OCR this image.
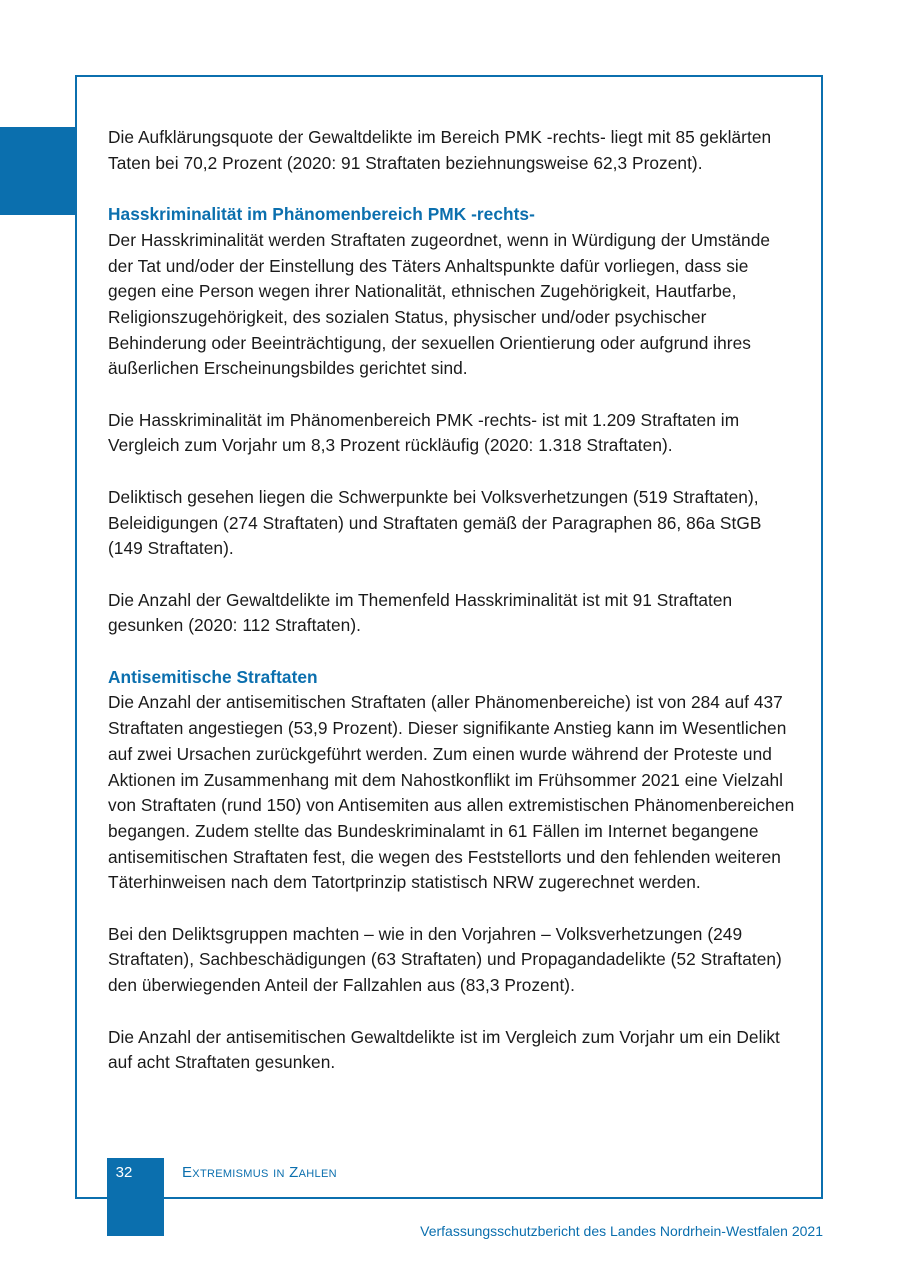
Die Aufklärungsquote der Gewaltdelikte im Bereich PMK -rechts- liegt mit 85 geklärten Taten bei 70,2 Prozent (2020: 91 Straftaten beziehnungsweise 62,3 Prozent).

Hasskriminalität im Phänomenbereich PMK -rechts-

Der Hasskriminalität werden Straftaten zugeordnet, wenn in Würdigung der Umstände der Tat und/oder der Einstellung des Täters Anhaltspunkte dafür vorliegen, dass sie gegen eine Person wegen ihrer Nationalität, ethnischen Zugehörigkeit, Hautfarbe, Religionszugehörigkeit, des sozialen Status, physischer und/oder psychischer Behinderung oder Beeinträchtigung, der sexuellen Orientierung oder aufgrund ihres äußerlichen Erscheinungsbildes gerichtet sind.

Die Hasskriminalität im Phänomenbereich PMK -rechts- ist mit 1.209 Straftaten im Vergleich zum Vorjahr um 8,3 Prozent rückläufig (2020: 1.318 Straftaten).

Deliktisch gesehen liegen die Schwerpunkte bei Volksverhetzungen (519 Straftaten), Beleidigungen (274 Straftaten) und Straftaten gemäß der Paragraphen 86, 86a StGB (149 Straftaten).

Die Anzahl der Gewaltdelikte im Themenfeld Hasskriminalität ist mit 91 Straftaten gesunken (2020: 112 Straftaten).

Antisemitische Straftaten

Die Anzahl der antisemitischen Straftaten (aller Phänomenbereiche) ist von 284 auf 437 Straftaten angestiegen (53,9 Prozent). Dieser signifikante Anstieg kann im Wesentlichen auf zwei Ursachen zurückgeführt werden. Zum einen wurde während der Proteste und Aktionen im Zusammenhang mit dem Nahostkonflikt im Frühsommer 2021 eine Vielzahl von Straftaten (rund 150) von Antisemiten aus allen extremistischen Phänomenbereichen begangen. Zudem stellte das Bundeskriminalamt in 61 Fällen im Internet begangene antisemitischen Straftaten fest, die wegen des Feststellorts und den fehlenden weiteren Täterhinweisen nach dem Tatortprinzip statistisch NRW zugerechnet werden.

Bei den Deliktsgruppen machten – wie in den Vorjahren – Volksverhetzungen (249 Straftaten), Sachbeschädigungen (63 Straftaten) und Propagandadelikte (52 Straftaten) den überwiegenden Anteil der Fallzahlen aus (83,3 Prozent).

Die Anzahl der antisemitischen Gewaltdelikte ist im Vergleich zum Vorjahr um ein Delikt auf acht Straftaten gesunken.

32	Extremismus in Zahlen
Verfassungsschutzbericht des Landes Nordrhein-Westfalen 2021
